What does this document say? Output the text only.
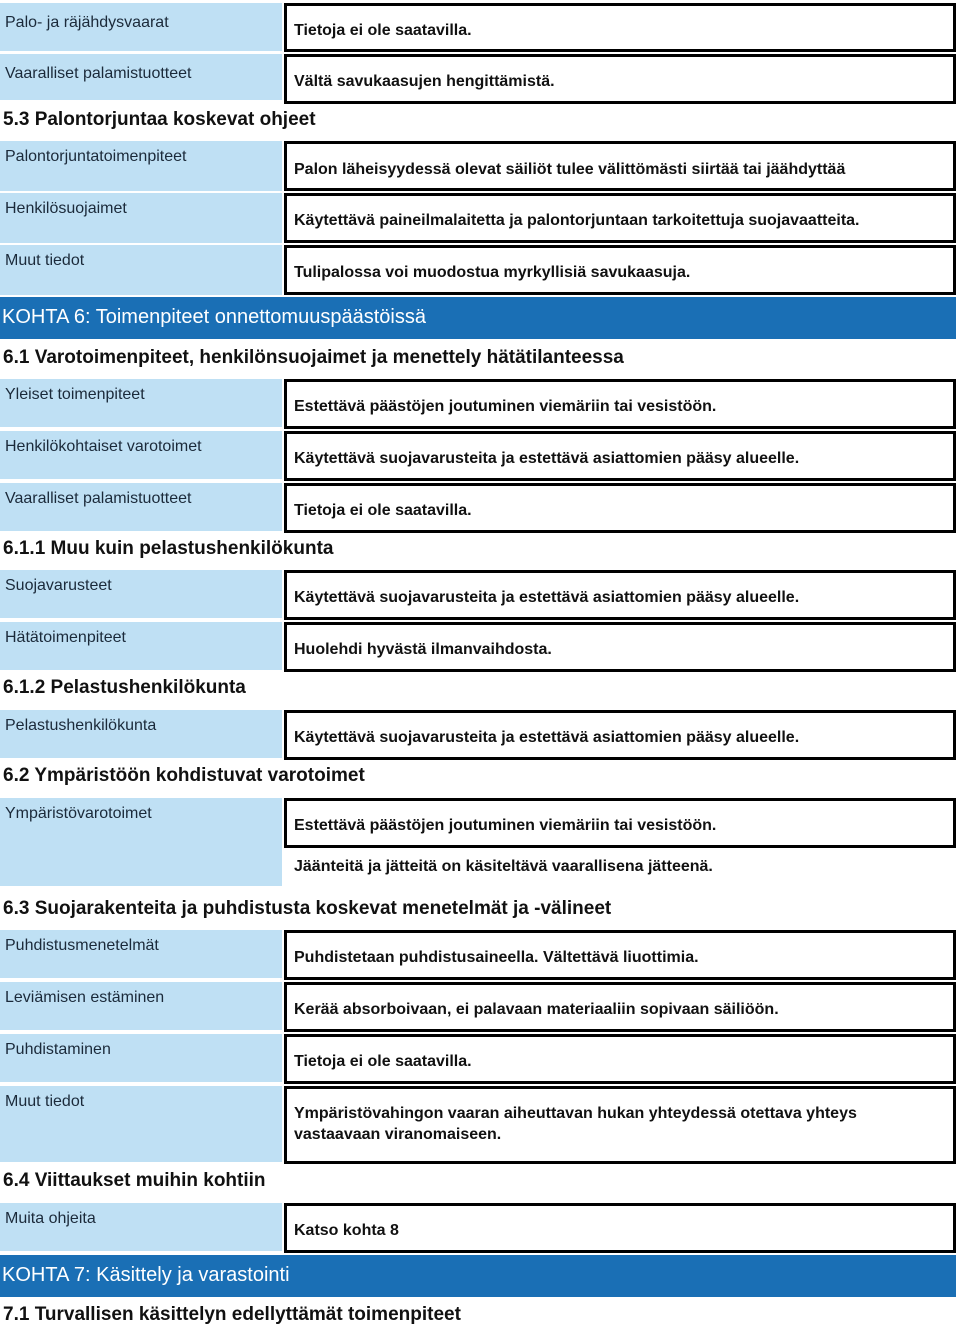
Palo- ja räjähdysvaarat	Tietoja ei ole saatavilla.
Vaaralliset palamistuotteet	Vältä savukaasujen hengittämistä.
5.3 Palontorjuntaa koskevat ohjeet
Palontorjuntatoimenpiteet
Palon läheisyydessä olevat säiliöt tulee välittömästi siirtää tai jäähdyttää
Henkilösuojaimet
Käytettävä paineilmalaitetta ja palontorjuntaan tarkoitettuja suojavaatteita.
Muut tiedot
Tulipalossa voi muodostua myrkyllisiä savukaasuja.
KOHTA 6: Toimenpiteet onnettomuuspäästöissä
6.1 Varotoimenpiteet, henkilönsuojaimet ja menettely hätätilanteessa
Yleiset toimenpiteet
Estettävä päästöjen joutuminen viemäriin tai vesistöön.
Henkilökohtaiset varotoimet
Käytettävä suojavarusteita ja estettävä asiattomien pääsy alueelle.
Vaaralliset palamistuotteet
Tietoja ei ole saatavilla.
6.1.1 Muu kuin pelastushenkilökunta
Suojavarusteet
Käytettävä suojavarusteita ja estettävä asiattomien pääsy alueelle.
Hätätoimenpiteet
Huolehdi hyvästä ilmanvaihdosta.
6.1.2 Pelastushenkilökunta
Pelastushenkilökunta
Käytettävä suojavarusteita ja estettävä asiattomien pääsy alueelle.
6.2 Ympäristöön kohdistuvat varotoimet
Ympäristövarotoimet
Estettävä päästöjen joutuminen viemäriin tai vesistöön.
Jäänteitä ja jätteitä on käsiteltävä vaarallisena jätteenä.
6.3 Suojarakenteita ja puhdistusta koskevat menetelmät ja -välineet
Puhdistusmenetelmät
Puhdistetaan puhdistusaineella. Vältettävä liuottimia.
Leviämisen estäminen
Kerää absorboivaan, ei palavaan materiaaliin sopivaan säiliöön.
Puhdistaminen
Tietoja ei ole saatavilla.
Muut tiedot
Ympäristövahingon vaaran aiheuttavan hukan yhteydessä otettava yhteys vastaavaan viranomaiseen.
6.4 Viittaukset muihin kohtiin
Muita ohjeita
Katso kohta 8
KOHTA 7: Käsittely ja varastointi
7.1 Turvallisen käsittelyn edellyttämät toimenpiteet
